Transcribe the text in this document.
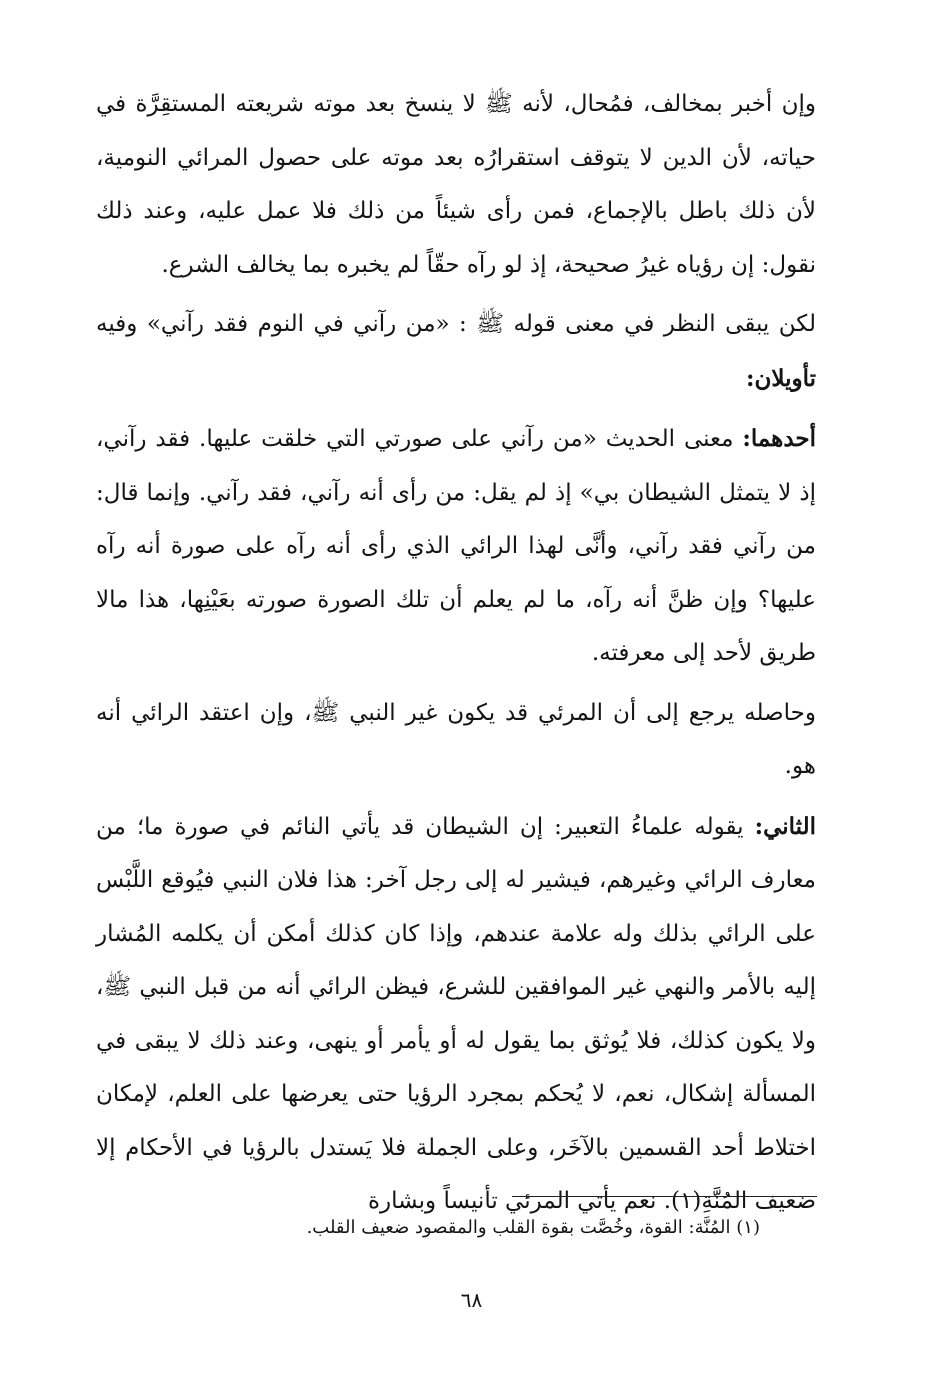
وإن أخبر بمخالف، فمُحال، لأنه ﷺ لا ينسخ بعد موته شريعته المستقِرَّة في حياته، لأن الدين لا يتوقف استقرارُه بعد موته على حصول المرائي النومية، لأن ذلك باطل بالإجماع، فمن رأى شيئاً من ذلك فلا عمل عليه، وعند ذلك نقول: إن رؤياه غيرُ صحيحة، إذ لو رآه حقّاً لم يخبره بما يخالف الشرع.

لكن يبقى النظر في معنى قوله ﷺ : «من رآني في النوم فقد رآني» وفيه تأويلان:

أحدهما: معنى الحديث «من رآني على صورتي التي خلقت عليها. فقد رآني، إذ لا يتمثل الشيطان بي» إذ لم يقل: من رأى أنه رآني، فقد رآني. وإنما قال: من رآني فقد رآني، وأنَّى لهذا الرائي الذي رأى أنه رآه على صورة أنه رآه عليها؟ وإن ظنَّ أنه رآه، ما لم يعلم أن تلك الصورة صورته بعَيْنِها، هذا مالا طريق لأحد إلى معرفته.

وحاصله يرجع إلى أن المرئي قد يكون غير النبي ﷺ، وإن اعتقد الرائي أنه هو.

الثاني: يقوله علماءُ التعبير: إن الشيطان قد يأتي النائم في صورة ما؛ من معارف الرائي وغيرهم، فيشير له إلى رجل آخر: هذا فلان النبي فيُوقع اللَّبْس على الرائي بذلك وله علامة عندهم، وإذا كان كذلك أمكن أن يكلمه المُشار إليه بالأمر والنهي غير الموافقين للشرع، فيظن الرائي أنه من قبل النبي ﷺ، ولا يكون كذلك، فلا يُوثق بما يقول له أو يأمر أو ينهى، وعند ذلك لا يبقى في المسألة إشكال، نعم، لا يُحكم بمجرد الرؤيا حتى يعرضها على العلم، لإمكان اختلاط أحد القسمين بالآخَر، وعلى الجملة فلا يَستدل بالرؤيا في الأحكام إلا ضعيف المُنَّةِ(١). نعم يأتي المرئي تأنيساً وبشارة

(١) المُنَّة: القوة، وخُصَّت بقوة القلب والمقصود ضعيف القلب.
٦٨
